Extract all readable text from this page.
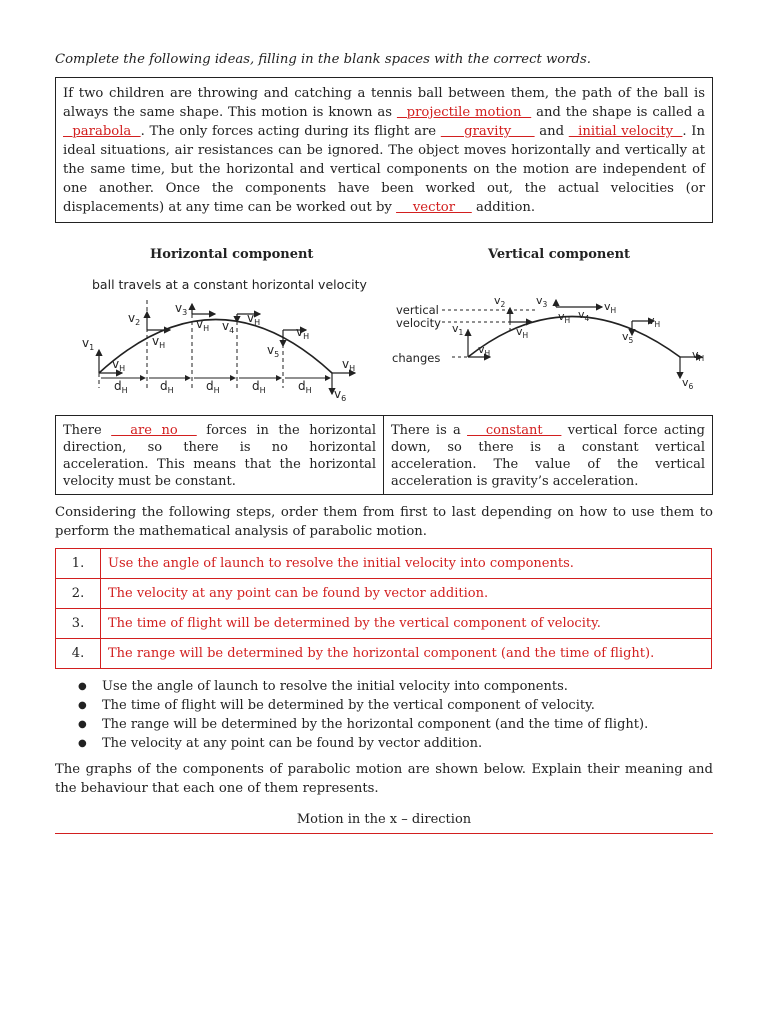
Complete the following ideas, filling in the blank spaces with the correct words.
If two children are throwing and catching a tennis ball between them, the path of the ball is always the same shape. This motion is known as   projectile motion   and the shape is called a   parabola  . The only forces acting during its flight are      gravity      and   initial velocity  . In ideal situations, air resistances can be ignored. The object moves horizontally and vertically at the same time, but the horizontal and vertical components on the motion are independent of one another. Once the components have been worked out, the actual velocities (or displacements) at any time can be worked out by     vector     addition.
Horizontal component	Vertical component
ball travels at a constant horizontal velocity
$v_1$
$v_2$
$v_3$
$v_4$
$v_5$
$v_6$
$v_H$
$v_H$
$v_H$
$v_H$
$v_H$
$v_H$
$d_H$	$d_H$	$d_H$	$d_H$	$d_H$
vertical
velocity
changes
$v_2$	$v_3$
$v_4$
$v_1$	$v_5$
$v_6$
$v_H$
$v_H$
$v_H$
$v_H$
$v_H$
$v_H$
There   are no   forces in the horizontal direction, so there is no horizontal acceleration. This means that the horizontal velocity must be constant.
There is a    constant    vertical force acting down, so there is a constant vertical acceleration. The value of the vertical acceleration is gravity’s acceleration.
Considering the following steps, order them from first to last depending on how to use them to perform the mathematical analysis of parabolic motion.
1.	Use the angle of launch to resolve the initial velocity into components.
2.	The velocity at any point can be found by vector addition.
3.	The time of flight will be determined by the vertical component of velocity.
4.	The range will be determined by the horizontal component (and the time of flight).
● Use the angle of launch to resolve the initial velocity into components.
● The time of flight will be determined by the vertical component of velocity.
● The range will be determined by the horizontal component (and the time of flight).
● The velocity at any point can be found by vector addition.
The graphs of the components of parabolic motion are shown below. Explain their meaning and the behaviour that each one of them represents.
Motion in the x – direction
